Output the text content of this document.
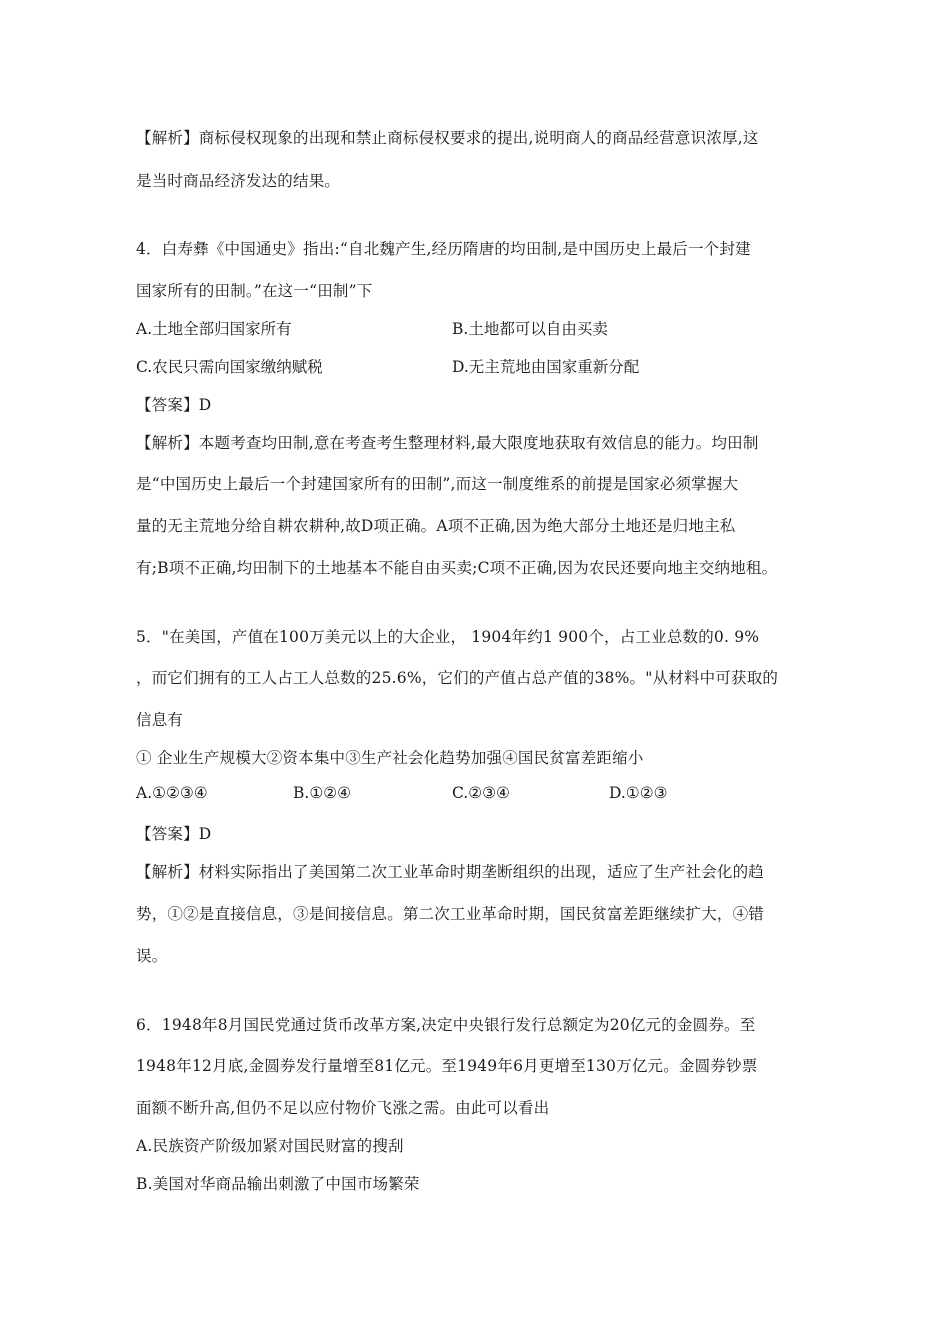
【解析】商标侵权现象的出现和禁止商标侵权要求的提出,说明商人的商品经营意识浓厚,这
是当时商品经济发达的结果。
4．白寿彝《中国通史》指出:“自北魏产生,经历隋唐的均田制,是中国历史上最后一个封建
国家所有的田制。”在这一“田制”下
A.土地全部归国家所有	B.土地都可以自由买卖
C.农民只需向国家缴纳赋税	D.无主荒地由国家重新分配
【答案】D
【解析】本题考查均田制,意在考查考生整理材料,最大限度地获取有效信息的能力。均田制
是“中国历史上最后一个封建国家所有的田制”,而这一制度维系的前提是国家必须掌握大
量的无主荒地分给自耕农耕种,故D项正确。A项不正确,因为绝大部分土地还是归地主私
有;B项不正确,均田制下的土地基本不能自由买卖;C项不正确,因为农民还要向地主交纳地租。
5．"在美国，产值在100万美元以上的大企业， 1904年约1 900个，占工业总数的0. 9%
，而它们拥有的工人占工人总数的25.6%，它们的产值占总产值的38%。"从材料中可获取的
信息有
① 企业生产规模大②资本集中③生产社会化趋势加强④国民贫富差距缩小
A.①②③④	B.①②④	C.②③④	D.①②③
【答案】D
【解析】材料实际指出了美国第二次工业革命时期垄断组织的出现，适应了生产社会化的趋
势，①②是直接信息，③是间接信息。第二次工业革命时期，国民贫富差距继续扩大，④错
误。
6．1948年8月国民党通过货币改革方案,决定中央银行发行总额定为20亿元的金圆券。至
1948年12月底,金圆券发行量增至81亿元。至1949年6月更增至130万亿元。金圆券钞票
面额不断升高,但仍不足以应付物价飞涨之需。由此可以看出
A.民族资产阶级加紧对国民财富的搜刮
B.美国对华商品输出刺激了中国市场繁荣
